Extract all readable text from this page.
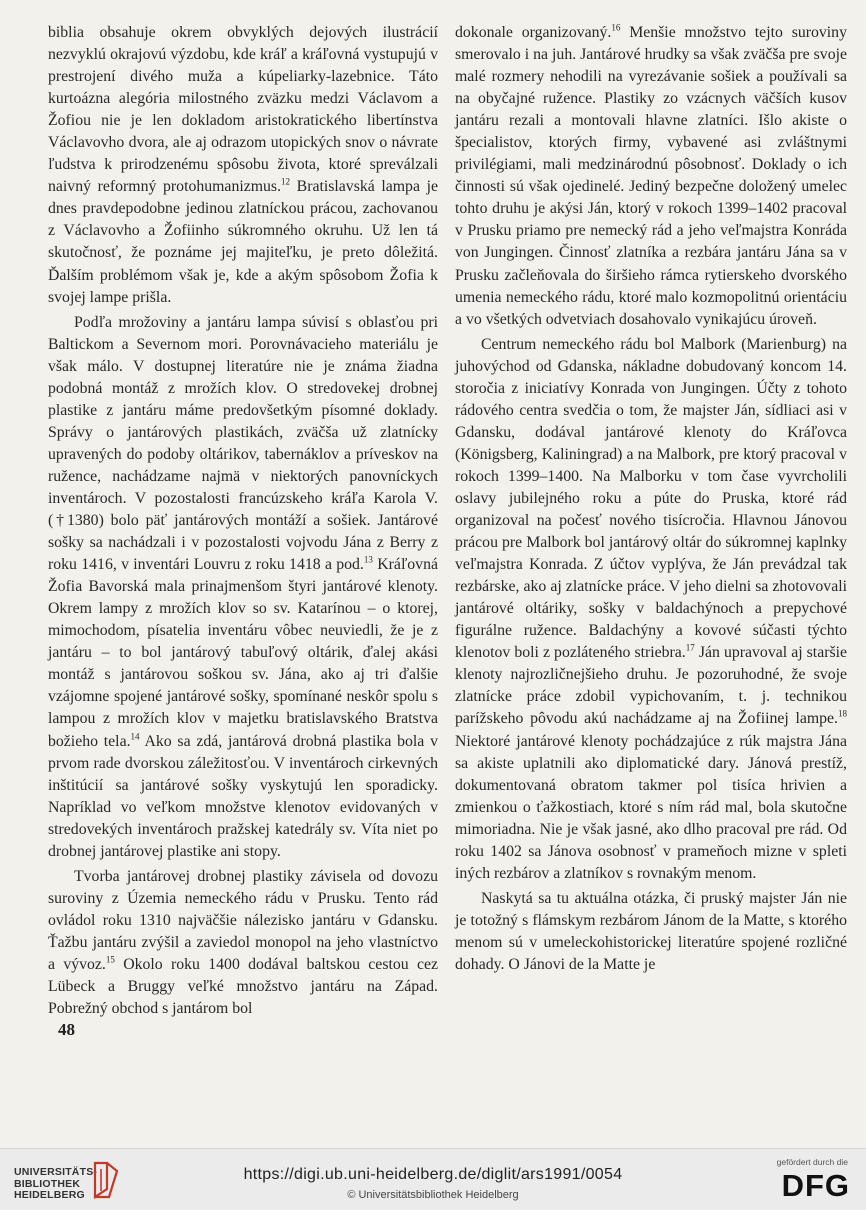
biblia obsahuje okrem obvyklých dejových ilustrácií nezvyklú okrajovú výzdobu, kde kráľ a kráľovná vystupujú v prestrojení divého muža a kúpeliarky-lazebnice. Táto kurtoázna alegória milostného zväzku medzi Václavom a Žofiou nie je len dokladom aristokratického libertínstva Václavovho dvora, ale aj odrazom utopických snov o návrate ľudstva k prirodzenému spôsobu života, ktoré spreválzali naivný reformný protohumanizmus.$^{12}$ Bratislavská lampa je dnes pravdepodobne jedinou zlatníckou prácou, zachovanou z Václavovho a Žofiinho súkromného okruhu. Už len tá skutočnosť, že poznáme jej majiteľku, je preto dôležitá. Ďalším problémom však je, kde a akým spôsobom Žofia k svojej lampe prišla.

Podľa mrožoviny a jantáru lampa súvisí s oblasťou pri Baltickom a Severnom mori. Porovnávacieho materiálu je však málo. V dostupnej literatúre nie je známa žiadna podobná montáž z mrožích klov. O stredovekej drobnej plastike z jantáru máme predovšetkým písomné doklady. Správy o jantárových plastikách, zväčša už zlatnícky upravených do podoby oltárikov, tabernáklov a príveskov na ružence, nachádzame najmä v niektorých panovníckych inventároch. V pozostalosti francúzskeho kráľa Karola V. (†1380) bolo päť jantárových montáží a sošiek. Jantárové sošky sa nachádzali i v pozostalosti vojvodu Jána z Berry z roku 1416, v inventári Louvru z roku 1418 a pod.$^{13}$ Kráľovná Žofia Bavorská mala prinajmenšom štyri jantárové klenoty. Okrem lampy z mrožích klov so sv. Katarínou – o ktorej, mimochodom, písatelia inventáru vôbec neuviedli, že je z jantáru – to bol jantárový tabuľový oltárik, ďalej akási montáž s jantárovou soškou sv. Jána, ako aj tri ďalšie vzájomne spojené jantárové sošky, spomínané neskôr spolu s lampou z mrožích klov v majetku bratislavského Bratstva božieho tela.$^{14}$ Ako sa zdá, jantárová drobná plastika bola v prvom rade dvorskou záležitosťou. V inventároch cirkevných inštitúcií sa jantárové sošky vyskytujú len sporadicky. Napríklad vo veľkom množstve klenotov evidovaných v stredovekých inventároch pražskej katedrály sv. Víta niet po drobnej jantárovej plastike ani stopy.

Tvorba jantárovej drobnej plastiky závisela od dovozu suroviny z Územia nemeckého rádu v Prusku. Tento rád ovládol roku 1310 najväčšie nálezisko jantáru v Gdansku. Ťažbu jantáru zvýšil a zaviedol monopol na jeho vlastníctvo a vývoz.$^{15}$ Okolo roku 1400 dodával baltskou cestou cez Lübeck a Bruggy veľké množstvo jantáru na Západ. Pobrežný obchod s jantárom bol

dokonale organizovaný.$^{16}$ Menšie množstvo tejto suroviny smerovalo i na juh. Jantárové hrudky sa však zväčša pre svoje malé rozmery nehodili na vyrezávanie sošiek a používali sa na obyčajné ružence. Plastiky zo vzácnych väčších kusov jantáru rezali a montovali hlavne zlatníci. Išlo akiste o špecialistov, ktorých firmy, vybavené asi zvláštnymi privilégiami, mali medzinárodnú pôsobnosť. Doklady o ich činnosti sú však ojedinelé. Jediný bezpečne doložený umelec tohto druhu je akýsi Ján, ktorý v rokoch 1399–1402 pracoval v Prusku priamo pre nemecký rád a jeho veľmajstra Konráda von Jungingen. Činnosť zlatníka a rezbára jantáru Jána sa v Prusku začleňovala do širšieho rámca rytierskeho dvorského umenia nemeckého rádu, ktoré malo kozmopolitnú orientáciu a vo všetkých odvetviach dosahovalo vynikajúcu úroveň.

Centrum nemeckého rádu bol Malbork (Marienburg) na juhovýchod od Gdanska, nákladne dobudovaný koncom 14. storočia z iniciatívy Konrada von Jungingen. Účty z tohoto rádového centra svedčia o tom, že majster Ján, sídliaci asi v Gdansku, dodával jantárové klenoty do Kráľovca (Königsberg, Kaliningrad) a na Malbork, pre ktorý pracoval v rokoch 1399–1400. Na Malborku v tom čase vyvrcholili oslavy jubilejného roku a púte do Pruska, ktoré rád organizoval na počesť nového tisícročia. Hlavnou Jánovou prácou pre Malbork bol jantárový oltár do súkromnej kaplnky veľmajstra Konrada. Z účtov vyplýva, že Ján prevádzal tak rezbárske, ako aj zlatnícke práce. V jeho dielni sa zhotovovali jantárové oltáriky, sošky v baldachýnoch a prepychové figurálne ružence. Baldachýny a kovové súčasti týchto klenotov boli z pozláteného striebra.$^{17}$ Ján upravoval aj staršie klenoty najrozličnejšieho druhu. Je pozoruhodné, že svoje zlatnícke práce zdobil vypichovaním, t. j. technikou parížskeho pôvodu akú nachádzame aj na Žofiinej lampe.$^{18}$ Niektoré jantárové klenoty pochádzajúce z rúk majstra Jána sa akiste uplatnili ako diplomatické dary. Jánová prestíž, dokumentovaná obratom takmer pol tisíca hrivien a zmienkou o ťažkostiach, ktoré s ním rád mal, bola skutočne mimoriadna. Nie je však jasné, ako dlho pracoval pre rád. Od roku 1402 sa Jánova osobnosť v prameňoch mizne v spleti iných rezbárov a zlatníkov s rovnakým menom.

Naskytá sa tu aktuálna otázka, či pruský majster Ján nie je totožný s flámskym rezbárom Jánom de la Matte, s ktorého menom sú v umeleckohistorickej literatúre spojené rozličné dohady. O Jánovi de la Matte je

48
UNIVERSITÄTS-
BIBLIOTHEK
HEIDELBERG
https://digi.ub.uni-heidelberg.de/diglit/ars1991/0054
© Universitätsbibliothek Heidelberg
gefördert durch die
DFG
